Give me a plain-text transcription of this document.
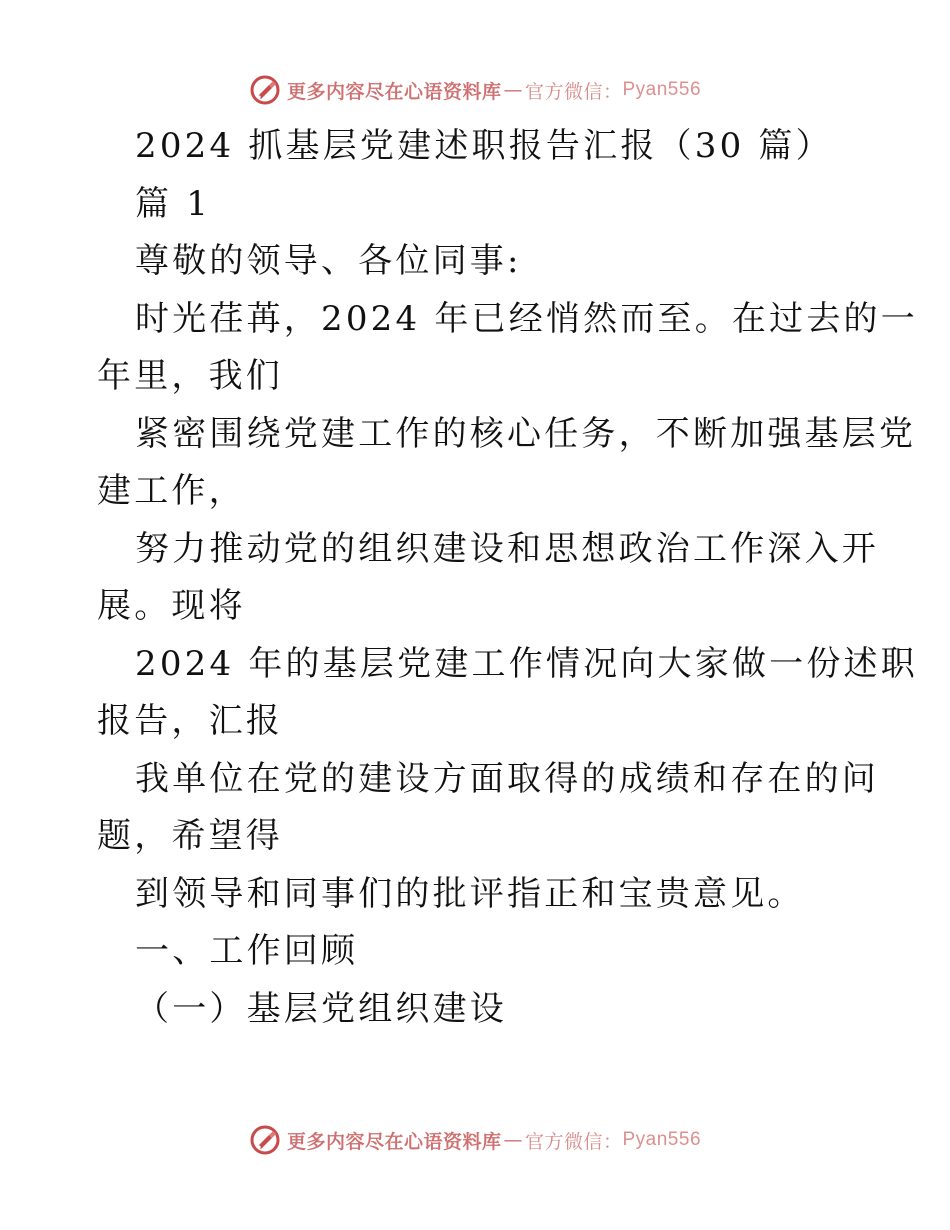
更多内容尽在心语资料库 — 官方微信： Pyan556
2024 抓基层党建述职报告汇报（30 篇）
篇 1
尊敬的领导、各位同事:
时光荏苒，2024 年已经悄然而至。在过去的一
年里，我们
紧密围绕党建工作的核心任务，不断加强基层党
建工作，
努力推动党的组织建设和思想政治工作深入开
展。现将
2024 年的基层党建工作情况向大家做一份述职
报告，汇报
我单位在党的建设方面取得的成绩和存在的问
题，希望得
到领导和同事们的批评指正和宝贵意见。
一、工作回顾
（一）基层党组织建设
更多内容尽在心语资料库 — 官方微信： Pyan556
